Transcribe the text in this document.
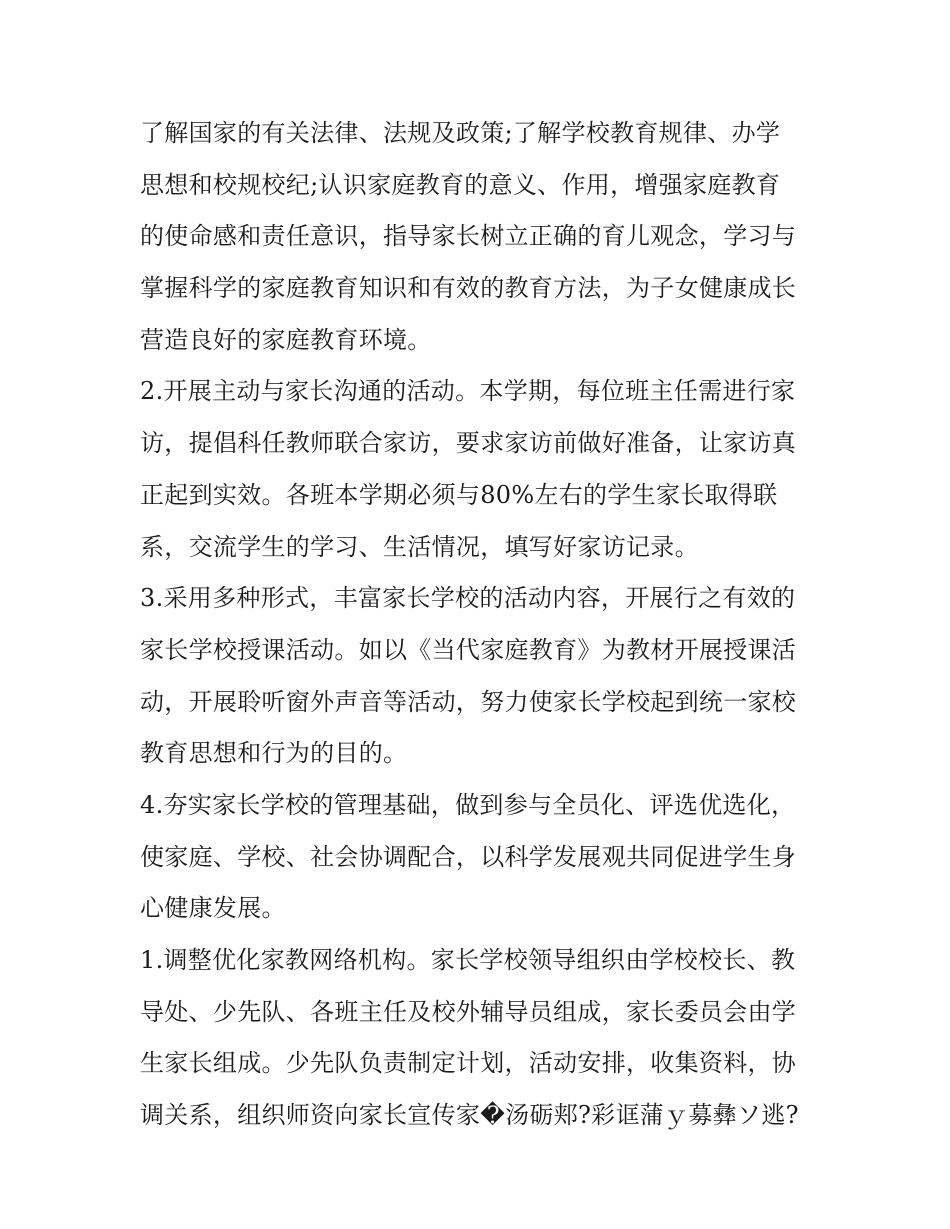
了解国家的有关法律、法规及政策;了解学校教育规律、办学
思想和校规校纪;认识家庭教育的意义、作用，增强家庭教育
的使命感和责任意识，指导家长树立正确的育儿观念，学习与
掌握科学的家庭教育知识和有效的教育方法，为子女健康成长
营造良好的家庭教育环境。
2.开展主动与家长沟通的活动。本学期，每位班主任需进行家
访，提倡科任教师联合家访，要求家访前做好准备，让家访真
正起到实效。各班本学期必须与80%左右的学生家长取得联
系，交流学生的学习、生活情况，填写好家访记录。
3.采用多种形式，丰富家长学校的活动内容，开展行之有效的
家长学校授课活动。如以《当代家庭教育》为教材开展授课活
动，开展聆听窗外声音等活动，努力使家长学校起到统一家校
教育思想和行为的目的。
4.夯实家长学校的管理基础，做到参与全员化、评选优选化，
使家庭、学校、社会协调配合，以科学发展观共同促进学生身
心健康发展。
1.调整优化家教网络机构。家长学校领导组织由学校校长、教
导处、少先队、各班主任及校外辅导员组成，家长委员会由学
生家长组成。少先队负责制定计划，活动安排，收集资料，协
调关系，组织师资向家长宣传家�汤砺郏?彩诓蒲ｙ募彝ソ逃?
